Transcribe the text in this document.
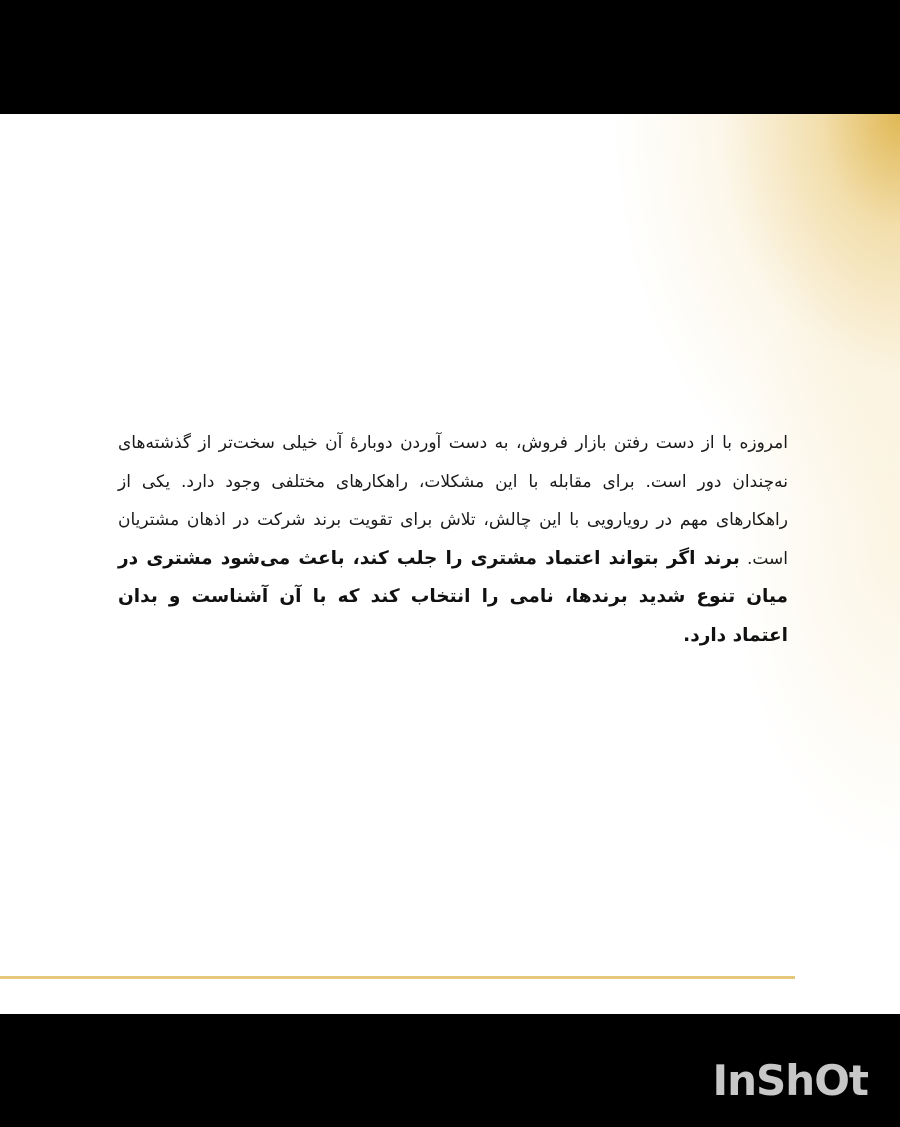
امروزه با از دست رفتن بازار فروش، به دست آوردن دوبارهٔ آن خیلی سخت‌تر از گذشته‌های نه‌چندان دور است. برای مقابله با این مشکلات، راهکارهای مختلفی وجود دارد. یکی از راهکارهای مهم در رویارویی با این چالش، تلاش برای تقویت برند شرکت در اذهان مشتریان است. برند اگر بتواند اعتماد مشتری را جلب کند، باعث می‌شود مشتری در میان تنوع شدید برندها، نامی را انتخاب کند که با آن آشناست و بدان اعتماد دارد.

InShOt
